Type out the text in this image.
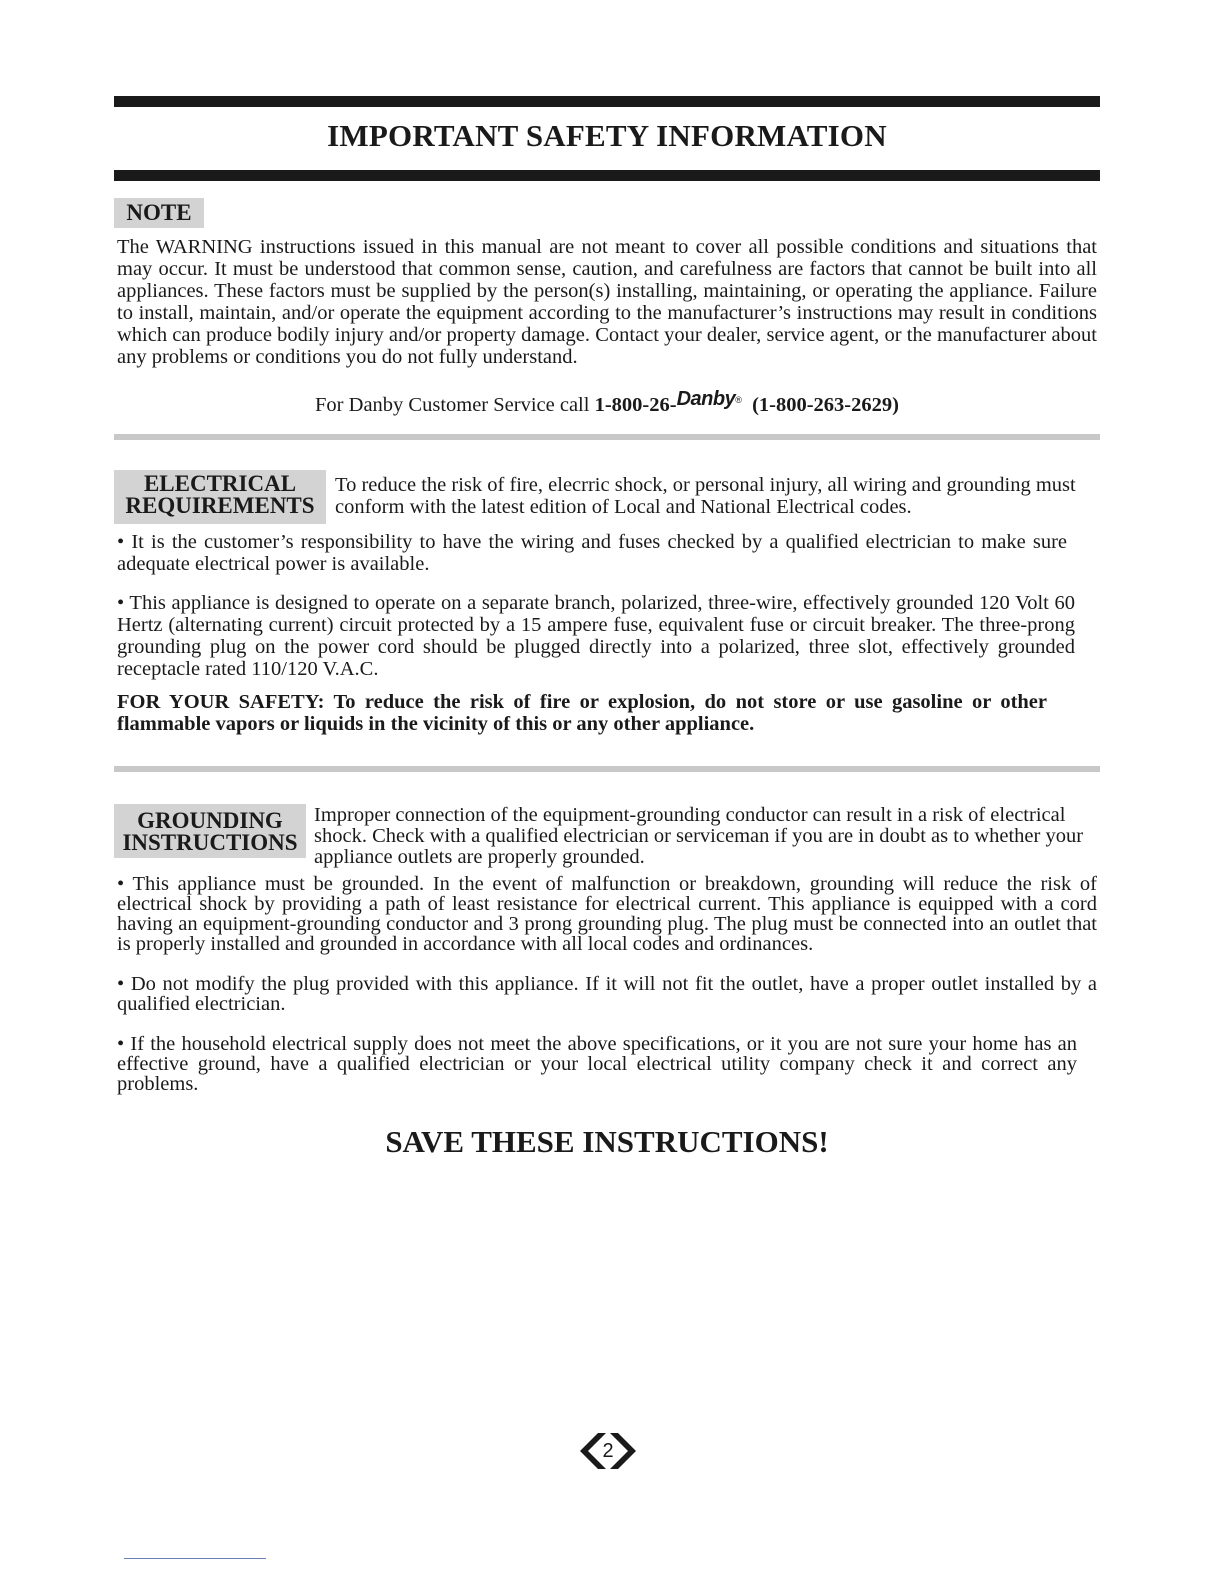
IMPORTANT SAFETY INFORMATION
NOTE

The WARNING instructions issued in this manual are not meant to cover all possible conditions and situations that may occur. It must be understood that common sense, caution, and carefulness are factors that cannot be built into all appliances. These factors must be supplied by the person(s) installing, maintaining, or operating the appliance. Failure to install, maintain, and/or operate the equipment according to the manufacturer’s instructions may result in conditions which can produce bodily injury and/or property damage. Contact your dealer, service agent, or the manufacturer about any problems or conditions you do not fully understand.

For Danby Customer Service call 1-800-26-Danby® (1-800-263-2629)
ELECTRICAL
REQUIREMENTS

To reduce the risk of fire, elecrric shock, or personal injury, all wiring and grounding must conform with the latest edition of Local and National Electrical codes.

• It is the customer’s responsibility to have the wiring and fuses checked by a qualified electrician to make sure adequate electrical power is available.

• This appliance is designed to operate on a separate branch, polarized, three-wire, effectively grounded 120 Volt 60 Hertz (alternating current) circuit protected by a 15 ampere fuse, equivalent fuse or circuit breaker. The three-prong grounding plug on the power cord should be plugged directly into a polarized, three slot, effectively grounded receptacle rated 110/120 V.A.C.

FOR YOUR SAFETY: To reduce the risk of fire or explosion, do not store or use gasoline or other flammable vapors or liquids in the vicinity of this or any other appliance.

GROUNDING
INSTRUCTIONS

Improper connection of the equipment-grounding conductor can result in a risk of electrical shock. Check with a qualified electrician or serviceman if you are in doubt as to whether your appliance outlets are properly grounded.

• This appliance must be grounded. In the event of malfunction or breakdown, grounding will reduce the risk of electrical shock by providing a path of least resistance for electrical current. This appliance is equipped with a cord having an equipment-grounding conductor and 3 prong grounding plug. The plug must be connected into an outlet that is properly installed and grounded in accordance with all local codes and ordinances.

• Do not modify the plug provided with this appliance. If it will not fit the outlet, have a proper outlet installed by a qualified electrician.

• If the household electrical supply does not meet the above specifications, or it you are not sure your home has an effective ground, have a qualified electrician or your local electrical utility company check it and correct any problems.

SAVE THESE INSTRUCTIONS!
2
